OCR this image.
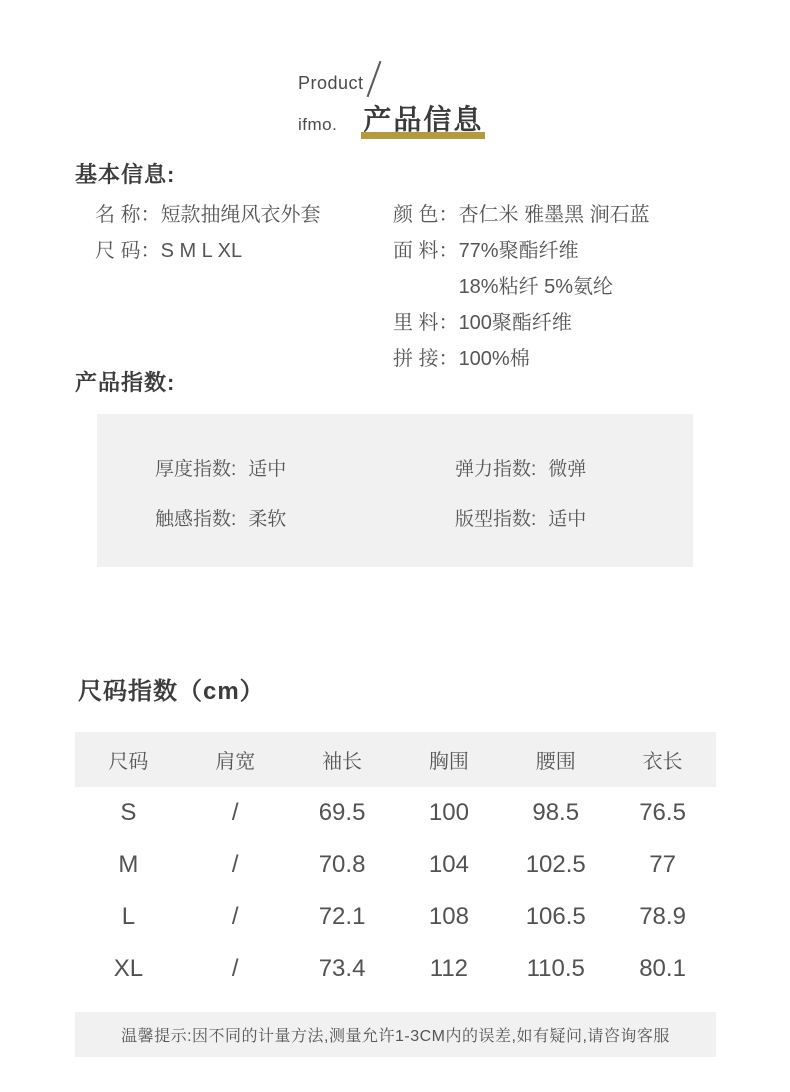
Product
ifmo. 产品信息
基本信息:
名 称： 短款抽绳风衣外套
尺 码： S M L XL
颜 色： 杏仁米 雅墨黑 涧石蓝
面 料： 77%聚酯纤维
18%粘纤 5%氨纶
里 料： 100聚酯纤维
拼 接： 100%棉
产品指数:
厚度指数: 适中	弹力指数: 微弹
触感指数: 柔软	版型指数: 适中
尺码指数（cm）
尺码	肩宽	袖长	胸围	腰围	衣长
S	/	69.5	100	98.5	76.5
M	/	70.8	104	102.5	77
L	/	72.1	108	106.5	78.9
XL	/	73.4	112	110.5	80.1
温馨提示:因不同的计量方法,测量允许1-3CM内的误差,如有疑问,请咨询客服
